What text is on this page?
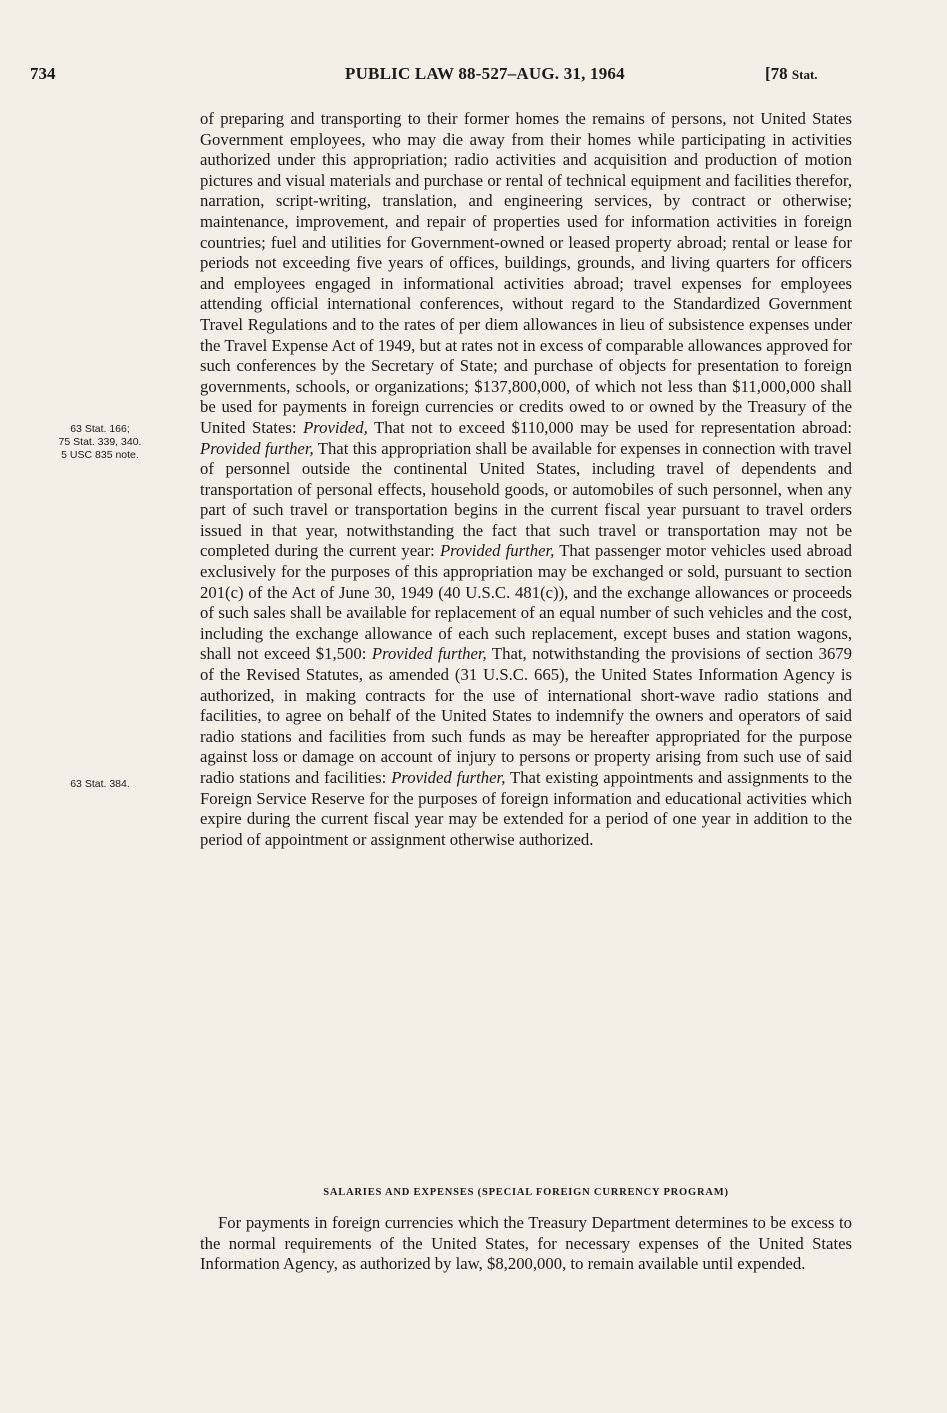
734	PUBLIC LAW 88-527–AUG. 31, 1964	[78 Stat.
63 Stat. 166;
75 Stat. 339, 340.
5 USC 835 note.
63 Stat. 384.

of preparing and transporting to their former homes the remains of persons, not United States Government employees, who may die away from their homes while participating in activities authorized under this appropriation; radio activities and acquisition and production of motion pictures and visual materials and purchase or rental of technical equipment and facilities therefor, narration, script-writing, translation, and engineering services, by contract or otherwise; maintenance, improvement, and repair of properties used for information activities in foreign countries; fuel and utilities for Government-owned or leased property abroad; rental or lease for periods not exceeding five years of offices, buildings, grounds, and living quarters for officers and employees engaged in informational activities abroad; travel expenses for employees attending official international conferences, without regard to the Standardized Government Travel Regulations and to the rates of per diem allowances in lieu of subsistence expenses under the Travel Expense Act of 1949, but at rates not in excess of comparable allowances approved for such conferences by the Secretary of State; and purchase of objects for presentation to foreign governments, schools, or organizations; $137,800,000, of which not less than $11,000,000 shall be used for payments in foreign currencies or credits owed to or owned by the Treasury of the United States: Provided, That not to exceed $110,000 may be used for representation abroad: Provided further, That this appropriation shall be available for expenses in connection with travel of personnel outside the continental United States, including travel of dependents and transportation of personal effects, household goods, or automobiles of such personnel, when any part of such travel or transportation begins in the current fiscal year pursuant to travel orders issued in that year, notwithstanding the fact that such travel or transportation may not be completed during the current year: Provided further, That passenger motor vehicles used abroad exclusively for the purposes of this appropriation may be exchanged or sold, pursuant to section 201(c) of the Act of June 30, 1949 (40 U.S.C. 481(c)), and the exchange allowances or proceeds of such sales shall be available for replacement of an equal number of such vehicles and the cost, including the exchange allowance of each such replacement, except buses and station wagons, shall not exceed $1,500: Provided further, That, notwithstanding the provisions of section 3679 of the Revised Statutes, as amended (31 U.S.C. 665), the United States Information Agency is authorized, in making contracts for the use of international short-wave radio stations and facilities, to agree on behalf of the United States to indemnify the owners and operators of said radio stations and facilities from such funds as may be hereafter appropriated for the purpose against loss or damage on account of injury to persons or property arising from such use of said radio stations and facilities: Provided further, That existing appointments and assignments to the Foreign Service Reserve for the purposes of foreign information and educational activities which expire during the current fiscal year may be extended for a period of one year in addition to the period of appointment or assignment otherwise authorized.

SALARIES AND EXPENSES (SPECIAL FOREIGN CURRENCY PROGRAM)

For payments in foreign currencies which the Treasury Department determines to be excess to the normal requirements of the United States, for necessary expenses of the United States Information Agency, as authorized by law, $8,200,000, to remain available until expended.
